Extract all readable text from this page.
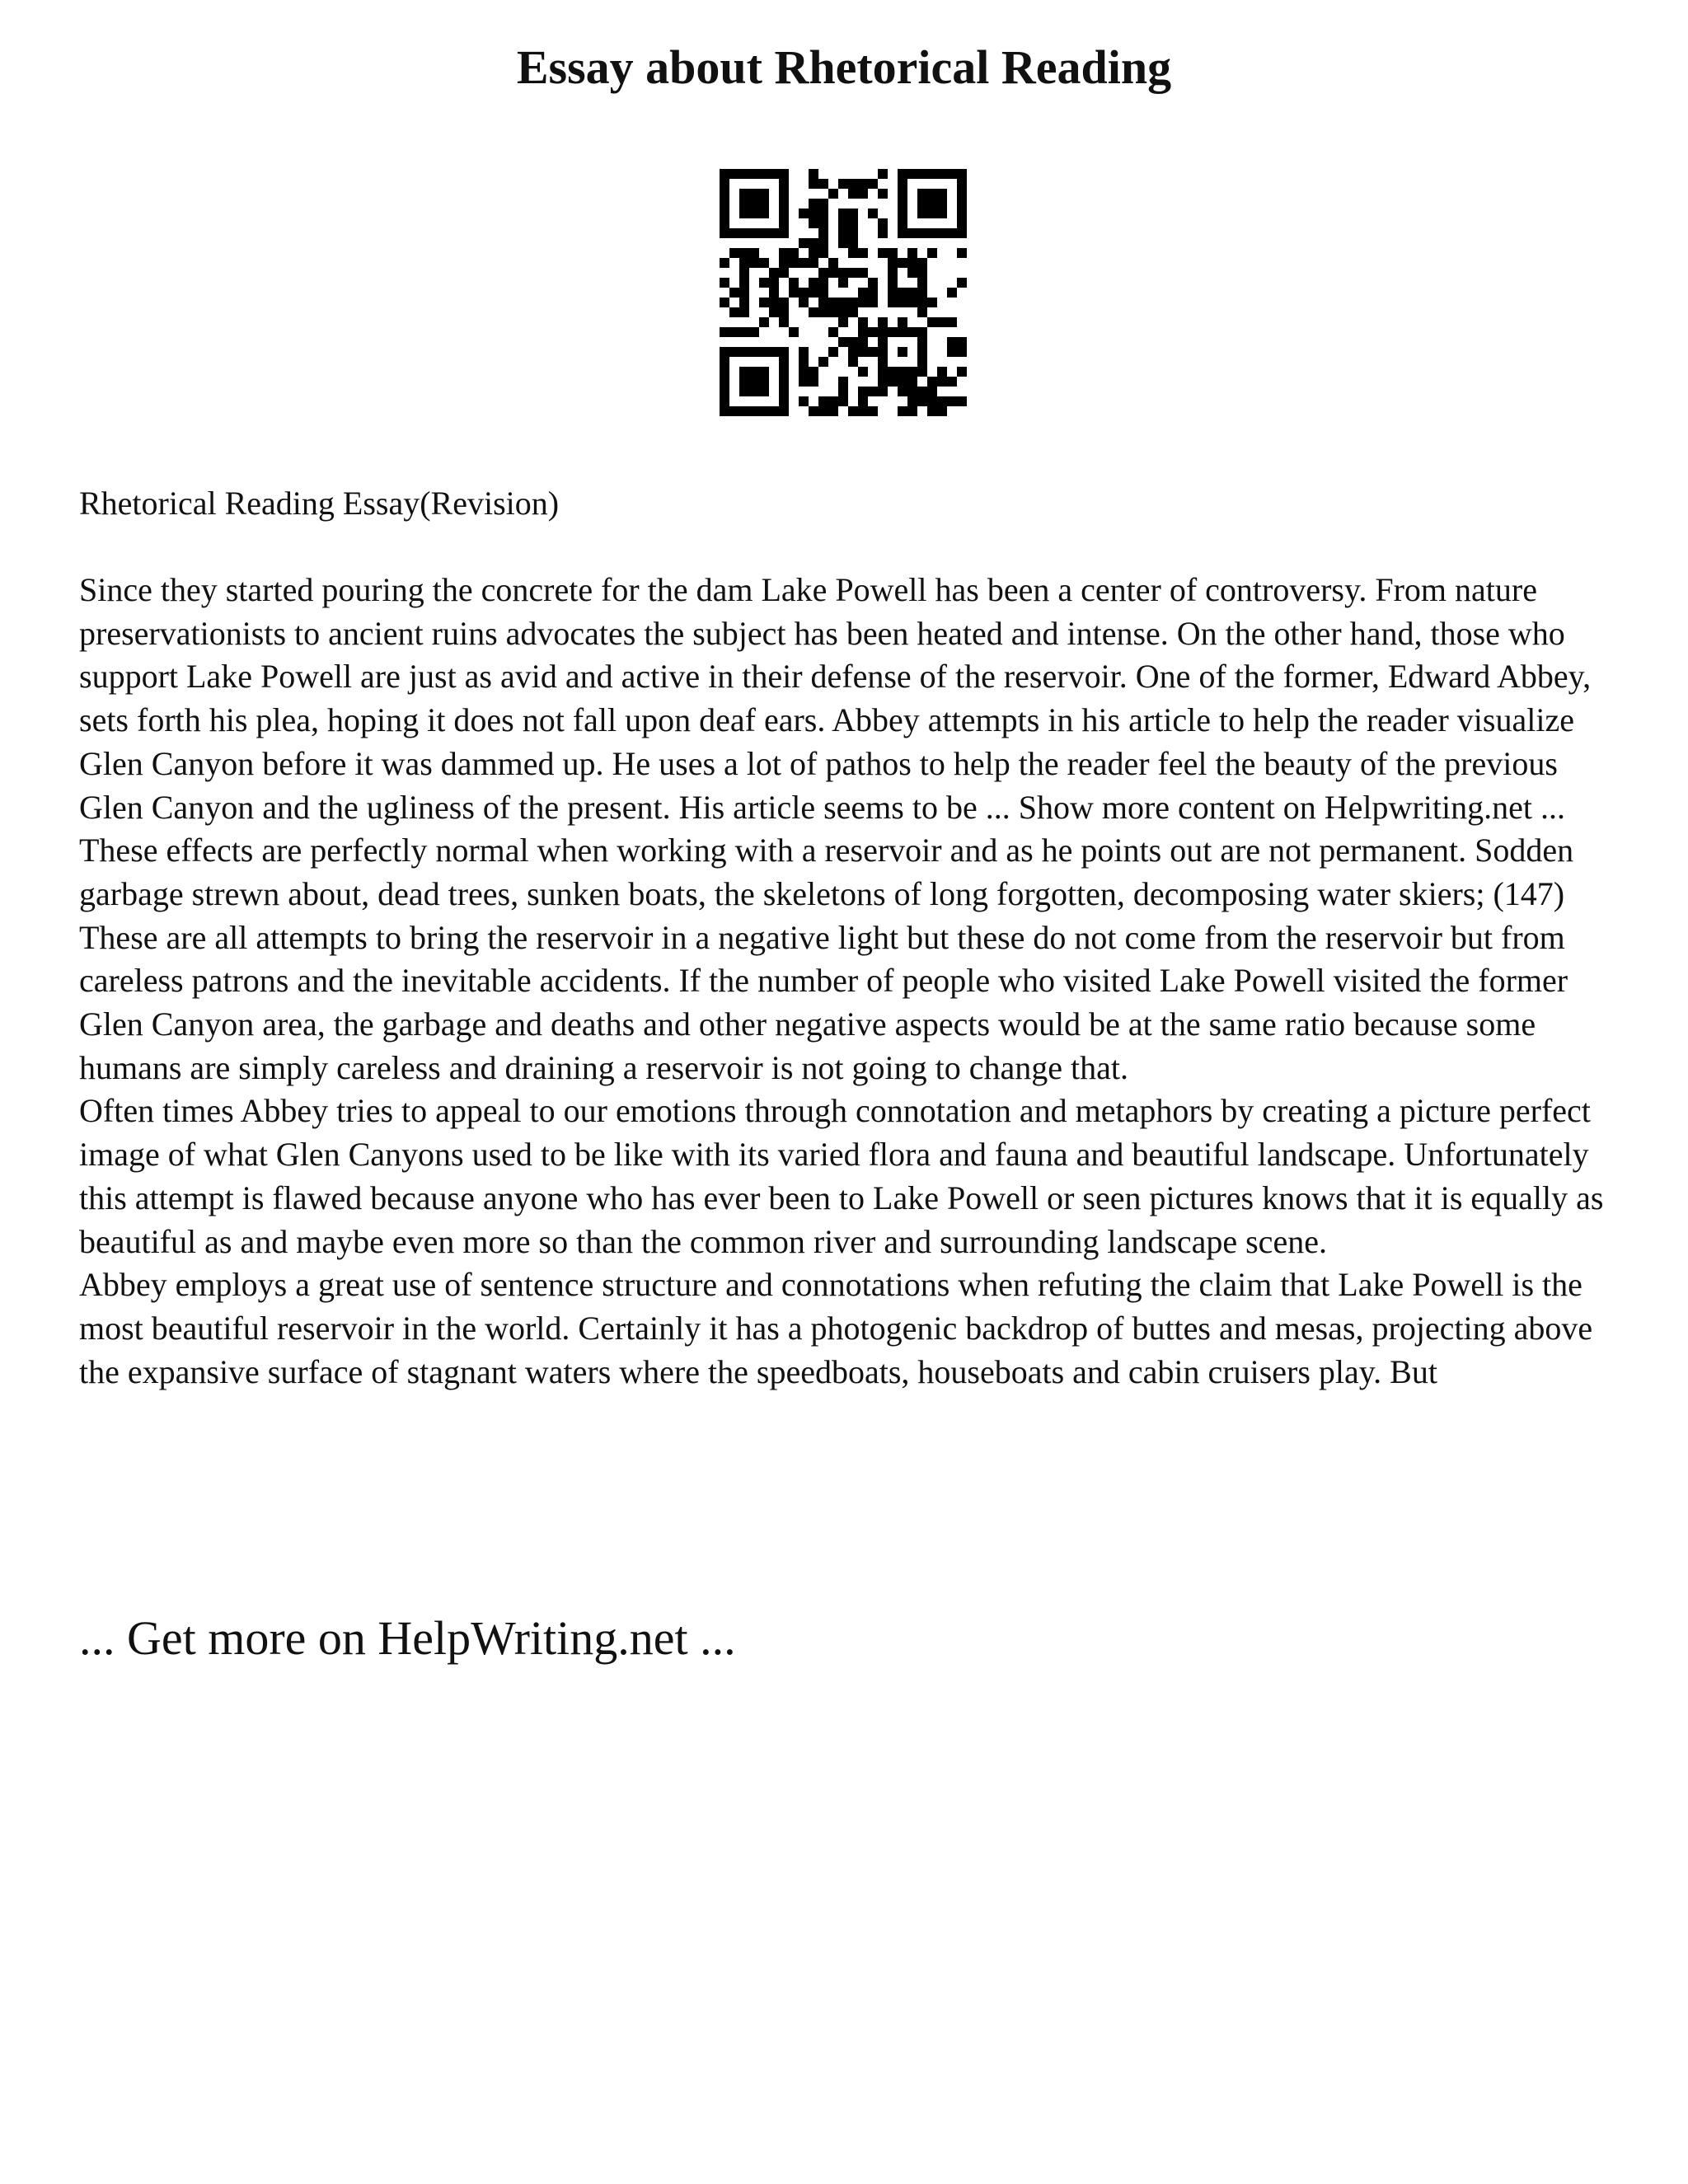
Essay about Rhetorical Reading

Rhetorical Reading Essay(Revision)

Since they started pouring the concrete for the dam Lake Powell has been a center of controversy. From nature preservationists to ancient ruins advocates the subject has been heated and intense. On the other hand, those who support Lake Powell are just as avid and active in their defense of the reservoir. One of the former, Edward Abbey, sets forth his plea, hoping it does not fall upon deaf ears. Abbey attempts in his article to help the reader visualize Glen Canyon before it was dammed up. He uses a lot of pathos to help the reader feel the beauty of the previous Glen Canyon and the ugliness of the present. His article seems to be ... Show more content on Helpwriting.net ...

These effects are perfectly normal when working with a reservoir and as he points out are not permanent. Sodden garbage strewn about, dead trees, sunken boats, the skeletons of long forgotten, decomposing water skiers; (147) These are all attempts to bring the reservoir in a negative light but these do not come from the reservoir but from careless patrons and the inevitable accidents. If the number of people who visited Lake Powell visited the former Glen Canyon area, the garbage and deaths and other negative aspects would be at the same ratio because some humans are simply careless and draining a reservoir is not going to change that.

Often times Abbey tries to appeal to our emotions through connotation and metaphors by creating a picture perfect image of what Glen Canyons used to be like with its varied flora and fauna and beautiful landscape. Unfortunately this attempt is flawed because anyone who has ever been to Lake Powell or seen pictures knows that it is equally as beautiful as and maybe even more so than the common river and surrounding landscape scene.

Abbey employs a great use of sentence structure and connotations when refuting the claim that Lake Powell is the most beautiful reservoir in the world. Certainly it has a photogenic backdrop of buttes and mesas, projecting above the expansive surface of stagnant waters where the speedboats, houseboats and cabin cruisers play. But

... Get more on HelpWriting.net ...
